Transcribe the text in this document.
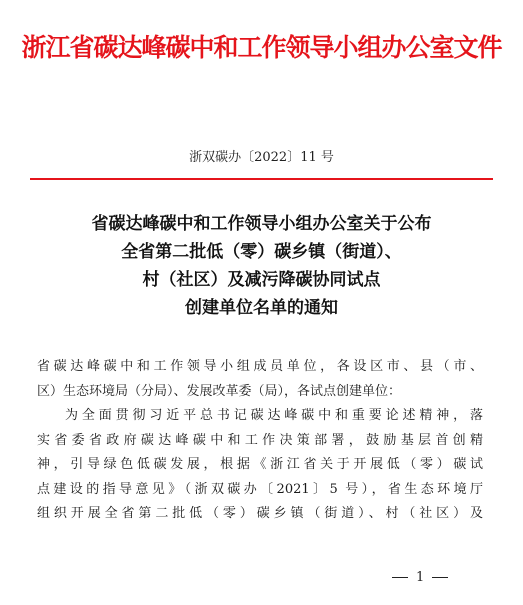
浙江省碳达峰碳中和工作领导小组办公室文件
浙双碳办〔2022〕11 号
省碳达峰碳中和工作领导小组办公室关于公布
全省第二批低（零）碳乡镇（街道）、
村（社区）及减污降碳协同试点
创建单位名单的通知

省碳达峰碳中和工作领导小组成员单位，各设区市、县（市、
区）生态环境局（分局）、发展改革委（局），各试点创建单位：

为全面贯彻习近平总书记碳达峰碳中和重要论述精神，落
实省委省政府碳达峰碳中和工作决策部署，鼓励基层首创精
神，引导绿色低碳发展，根据《浙江省关于开展低（零）碳试
点建设的指导意见》（浙双碳办〔2021〕5 号），省生态环境厅
组织开展全省第二批低（零）碳乡镇（街道）、村（社区）及

1
